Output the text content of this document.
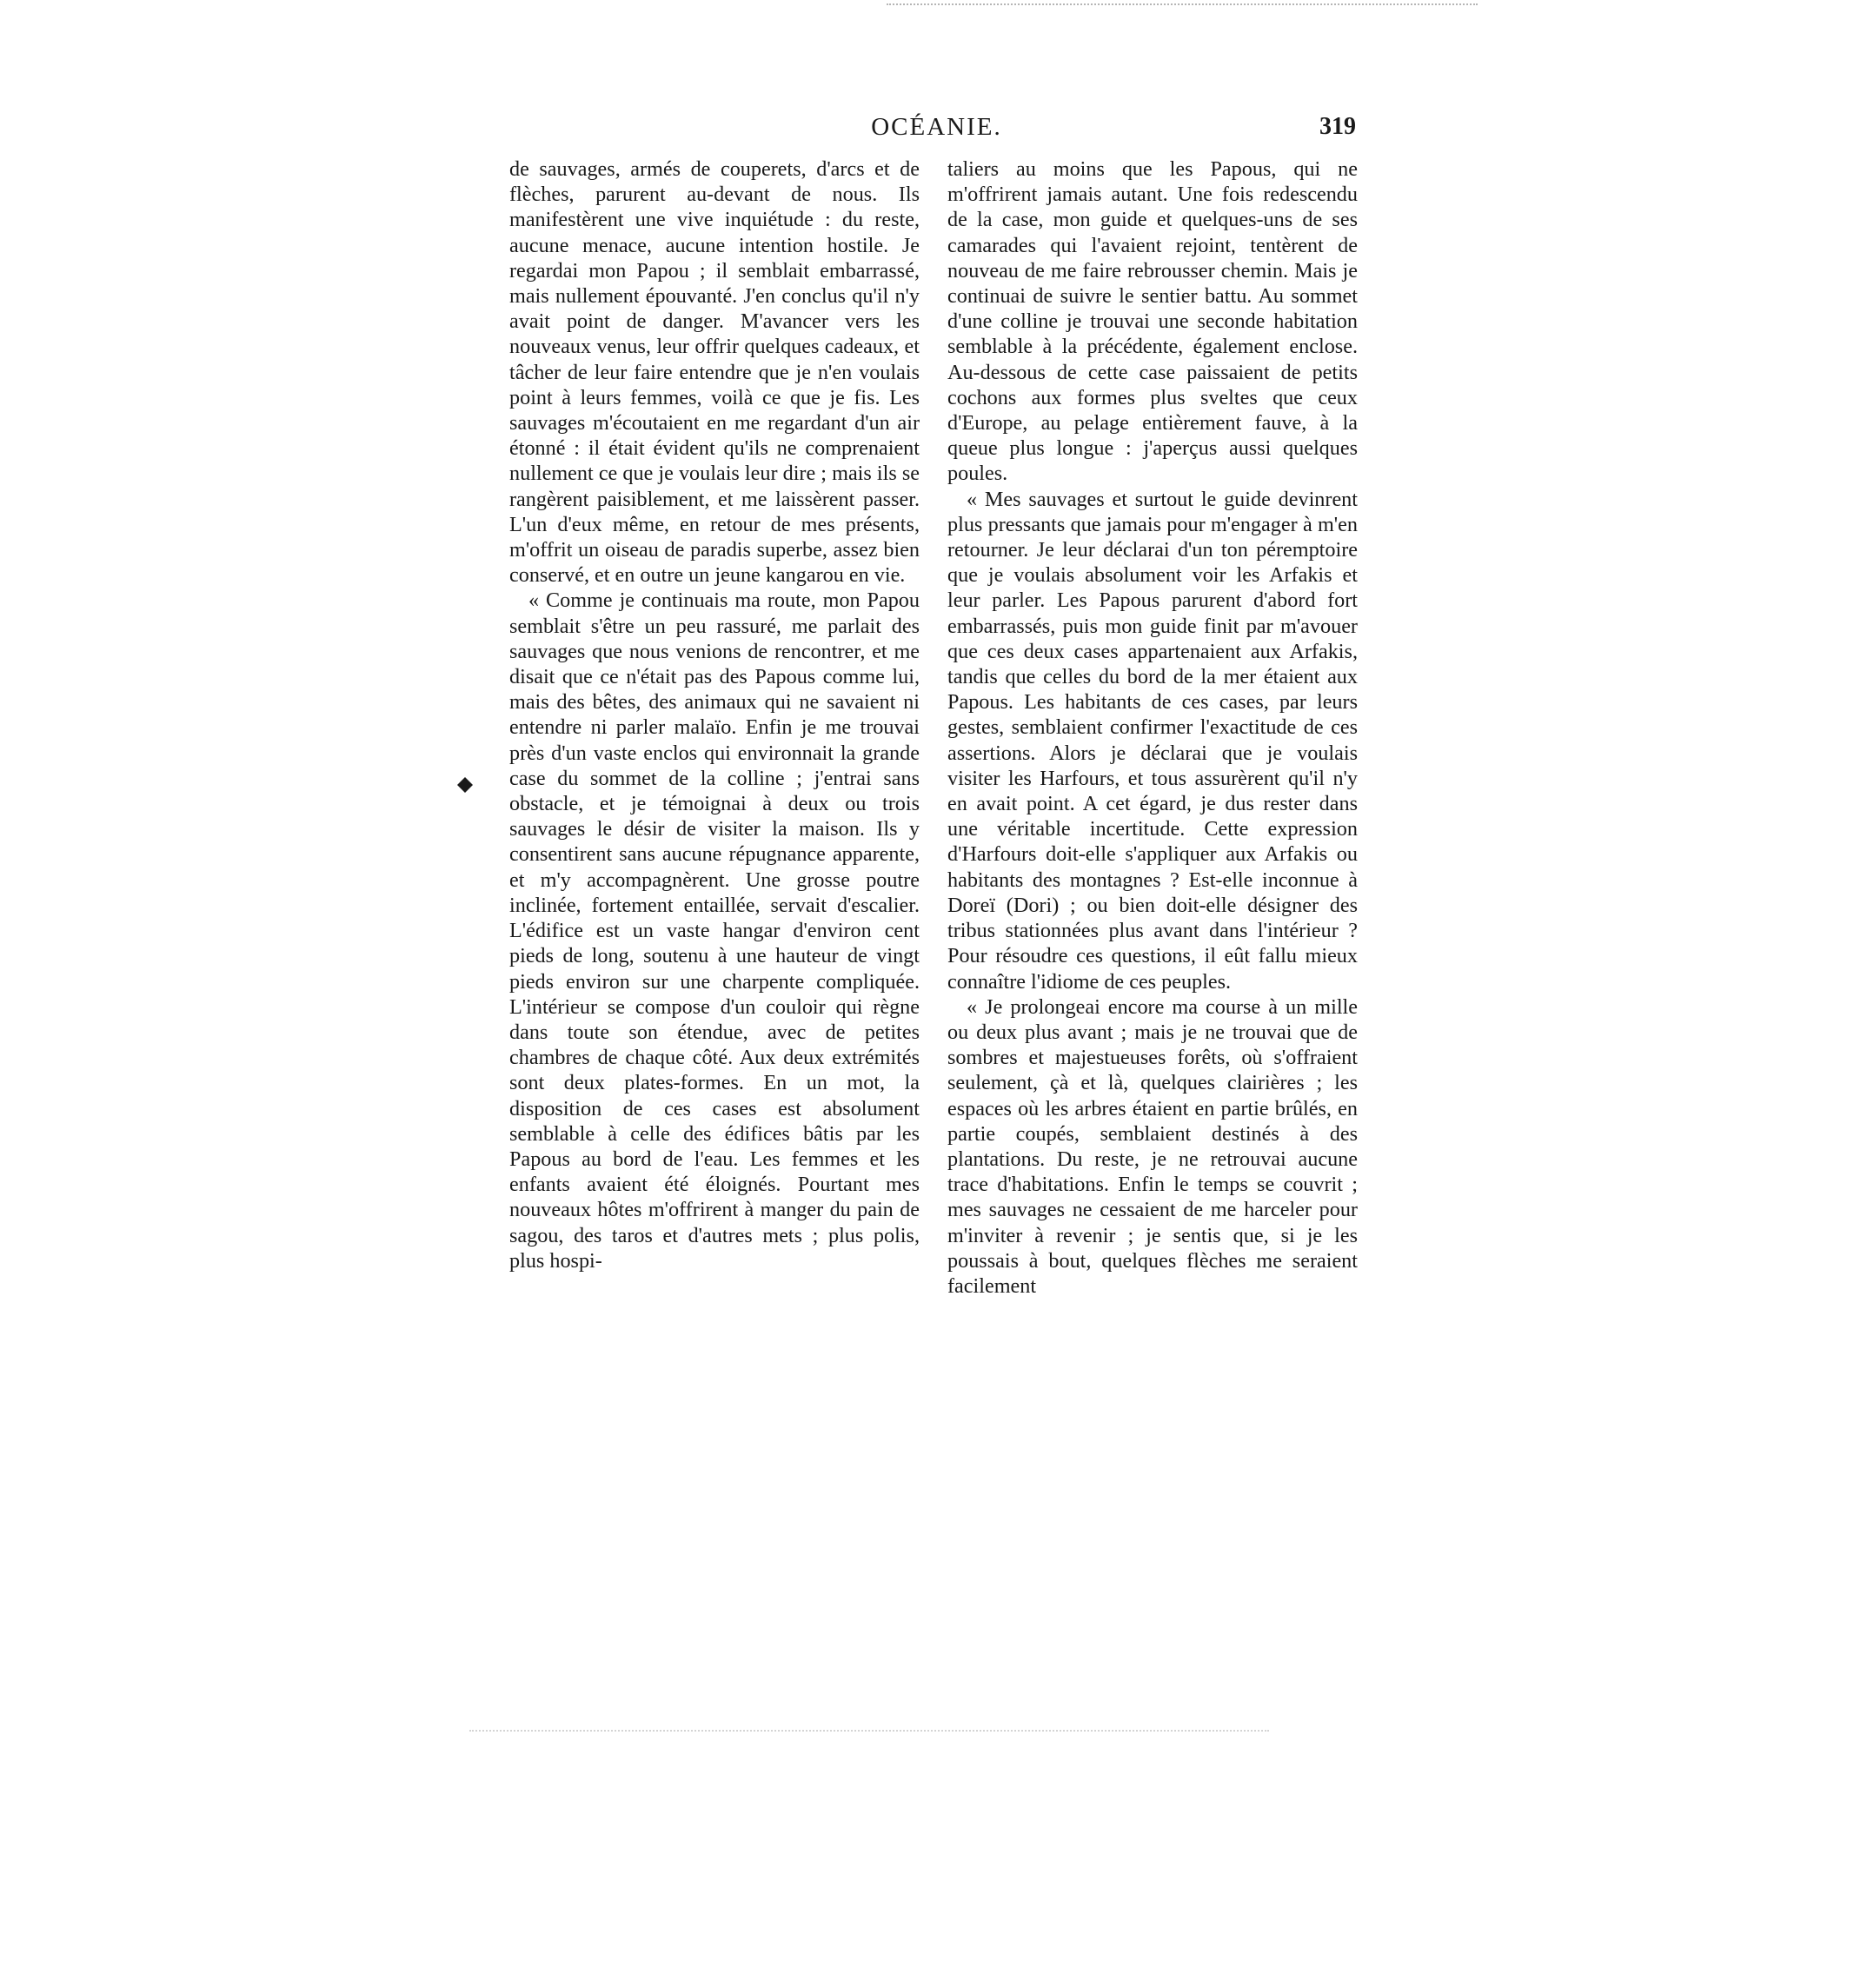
OCÉANIE.	319

de sauvages, armés de couperets, d'arcs et de flèches, parurent au-devant de nous. Ils manifestèrent une vive inquiétude : du reste, aucune menace, aucune intention hostile. Je regardai mon Papou ; il semblait embarrassé, mais nullement épouvanté. J'en conclus qu'il n'y avait point de danger. M'avancer vers les nouveaux venus, leur offrir quelques cadeaux, et tâcher de leur faire entendre que je n'en voulais point à leurs femmes, voilà ce que je fis. Les sauvages m'écoutaient en me regardant d'un air étonné : il était évident qu'ils ne comprenaient nullement ce que je voulais leur dire ; mais ils se rangèrent paisiblement, et me laissèrent passer. L'un d'eux même, en retour de mes présents, m'offrit un oiseau de paradis superbe, assez bien conservé, et en outre un jeune kangarou en vie.

« Comme je continuais ma route, mon Papou semblait s'être un peu rassuré, me parlait des sauvages que nous venions de rencontrer, et me disait que ce n'était pas des Papous comme lui, mais des bêtes, des animaux qui ne savaient ni entendre ni parler malaïo. Enfin je me trouvai près d'un vaste enclos qui environnait la grande case du sommet de la colline ; j'entrai sans obstacle, et je témoignai à deux ou trois sauvages le désir de visiter la maison. Ils y consentirent sans aucune répugnance apparente, et m'y accompagnèrent. Une grosse poutre inclinée, fortement entaillée, servait d'escalier. L'édifice est un vaste hangar d'environ cent pieds de long, soutenu à une hauteur de vingt pieds environ sur une charpente compliquée. L'intérieur se compose d'un couloir qui règne dans toute son étendue, avec de petites chambres de chaque côté. Aux deux extrémités sont deux plates-formes. En un mot, la disposition de ces cases est absolument semblable à celle des édifices bâtis par les Papous au bord de l'eau. Les femmes et les enfants avaient été éloignés. Pourtant mes nouveaux hôtes m'offrirent à manger du pain de sagou, des taros et d'autres mets ; plus polis, plus hospi-

taliers au moins que les Papous, qui ne m'offrirent jamais autant. Une fois redescendu de la case, mon guide et quelques-uns de ses camarades qui l'avaient rejoint, tentèrent de nouveau de me faire rebrousser chemin. Mais je continuai de suivre le sentier battu. Au sommet d'une colline je trouvai une seconde habitation semblable à la précédente, également enclose. Au-dessous de cette case paissaient de petits cochons aux formes plus sveltes que ceux d'Europe, au pelage entièrement fauve, à la queue plus longue : j'aperçus aussi quelques poules.

« Mes sauvages et surtout le guide devinrent plus pressants que jamais pour m'engager à m'en retourner. Je leur déclarai d'un ton péremptoire que je voulais absolument voir les Arfakis et leur parler. Les Papous parurent d'abord fort embarrassés, puis mon guide finit par m'avouer que ces deux cases appartenaient aux Arfakis, tandis que celles du bord de la mer étaient aux Papous. Les habitants de ces cases, par leurs gestes, semblaient confirmer l'exactitude de ces assertions. Alors je déclarai que je voulais visiter les Harfours, et tous assurèrent qu'il n'y en avait point. A cet égard, je dus rester dans une véritable incertitude. Cette expression d'Harfours doit-elle s'appliquer aux Arfakis ou habitants des montagnes ? Est-elle inconnue à Doreï (Dori) ; ou bien doit-elle désigner des tribus stationnées plus avant dans l'intérieur ? Pour résoudre ces questions, il eût fallu mieux connaître l'idiome de ces peuples.

« Je prolongeai encore ma course à un mille ou deux plus avant ; mais je ne trouvai que de sombres et majestueuses forêts, où s'offraient seulement, çà et là, quelques clairières ; les espaces où les arbres étaient en partie brûlés, en partie coupés, semblaient destinés à des plantations. Du reste, je ne retrouvai aucune trace d'habitations. Enfin le temps se couvrit ; mes sauvages ne cessaient de me harceler pour m'inviter à revenir ; je sentis que, si je les poussais à bout, quelques flèches me seraient facilement
